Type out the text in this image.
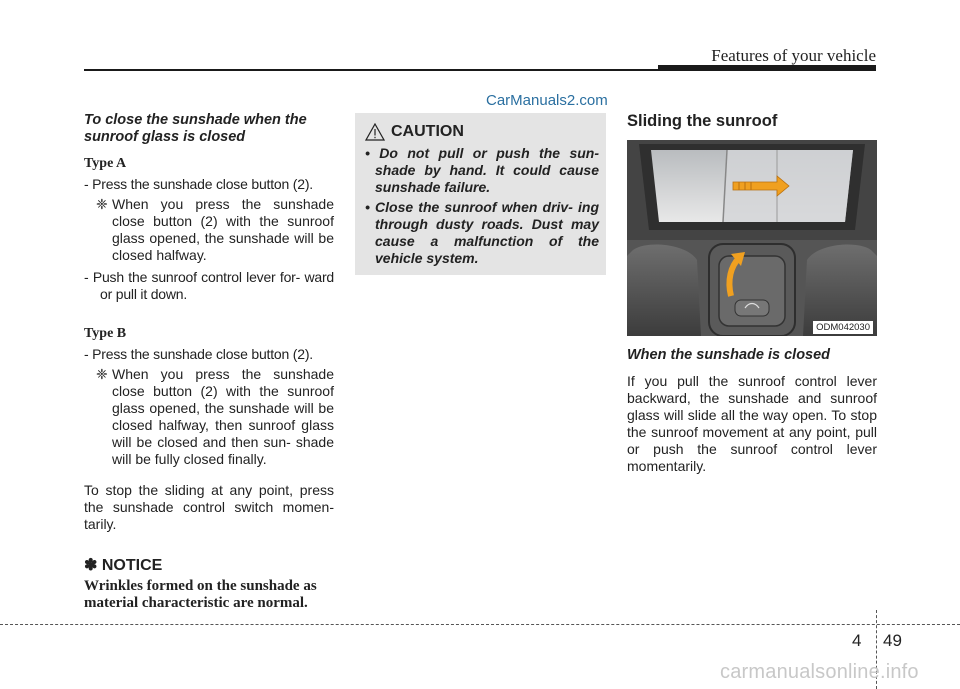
Features of your vehicle
CarManuals2.com

To close the sunshade when the
sunroof glass is closed

Type A

- Press the sunshade close button (2).

❈ When you press the sunshade close button (2) with the sunroof glass opened, the sunshade will be closed halfway.

- Push the sunroof control lever for- ward or pull it down.

Type B

- Press the sunshade close button (2).

❈ When you press the sunshade close button (2) with the sunroof glass opened, the sunshade will be closed halfway, then sunroof glass will be closed and then sun- shade will be fully closed finally.

To stop the sliding at any point, press the sunshade control switch momen- tarily.

✽ NOTICE

Wrinkles formed on the sunshade as material characteristic are normal.

CAUTION
• Do not pull or push the sun- shade by hand. It could cause sunshade failure.
• Close the sunroof when driv- ing through dusty roads. Dust may cause a malfunction of the vehicle system.
Sliding the sunroof
ODM042030

When the sunshade is closed

If you pull the sunroof control lever backward, the sunshade and sunroof glass will slide all the way open. To stop the sunroof movement at any point, pull or push the sunroof control lever momentarily.

4 49
carmanualsonline.info
